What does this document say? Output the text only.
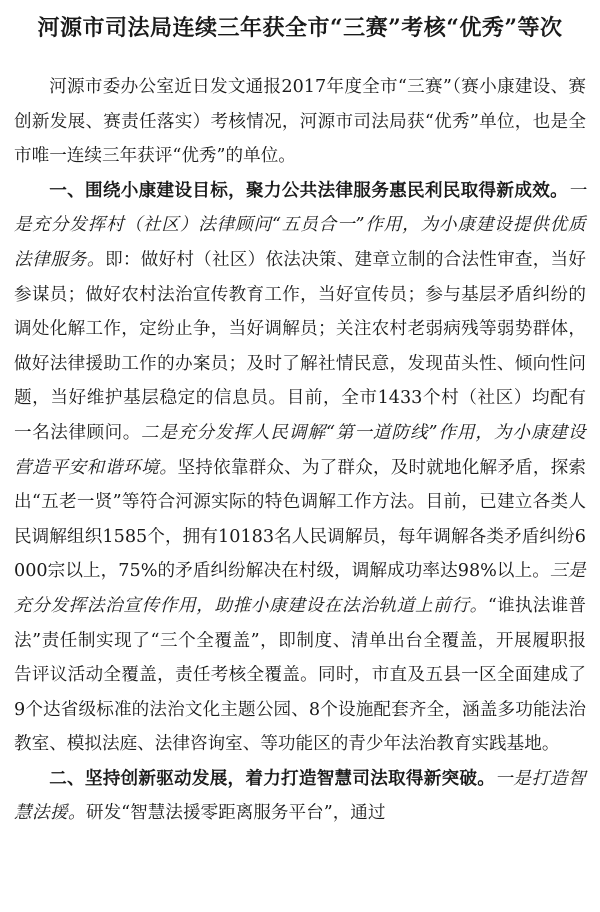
河源市司法局连续三年获全市“三赛”考核“优秀”等次

河源市委办公室近日发文通报2017年度全市“三赛”（赛小康建设、赛创新发展、赛责任落实）考核情况，河源市司法局获“优秀”单位，也是全市唯一连续三年获评“优秀”的单位。

一、围绕小康建设目标，聚力公共法律服务惠民利民取得新成效。一是充分发挥村（社区）法律顾问“五员合一”作用，为小康建设提供优质法律服务。即：做好村（社区）依法决策、建章立制的合法性审查，当好参谋员；做好农村法治宣传教育工作，当好宣传员；参与基层矛盾纠纷的调处化解工作，定纷止争，当好调解员；关注农村老弱病残等弱势群体，做好法律援助工作的办案员；及时了解社情民意，发现苗头性、倾向性问题，当好维护基层稳定的信息员。目前，全市1433个村（社区）均配有一名法律顾问。二是充分发挥人民调解“第一道防线”作用，为小康建设营造平安和谐环境。坚持依靠群众、为了群众，及时就地化解矛盾，探索出“五老一贤”等符合河源实际的特色调解工作方法。目前，已建立各类人民调解组织1585个，拥有10183名人民调解员，每年调解各类矛盾纠纷6000宗以上，75%的矛盾纠纷解决在村级，调解成功率达98%以上。三是充分发挥法治宣传作用，助推小康建设在法治轨道上前行。“谁执法谁普法”责任制实现了“三个全覆盖”，即制度、清单出台全覆盖，开展履职报告评议活动全覆盖，责任考核全覆盖。同时，市直及五县一区全面建成了9个达省级标准的法治文化主题公园、8个设施配套齐全，涵盖多功能法治教室、模拟法庭、法律咨询室、等功能区的青少年法治教育实践基地。

二、坚持创新驱动发展，着力打造智慧司法取得新突破。一是打造智慧法援。研发“智慧法援零距离服务平台”，通过
